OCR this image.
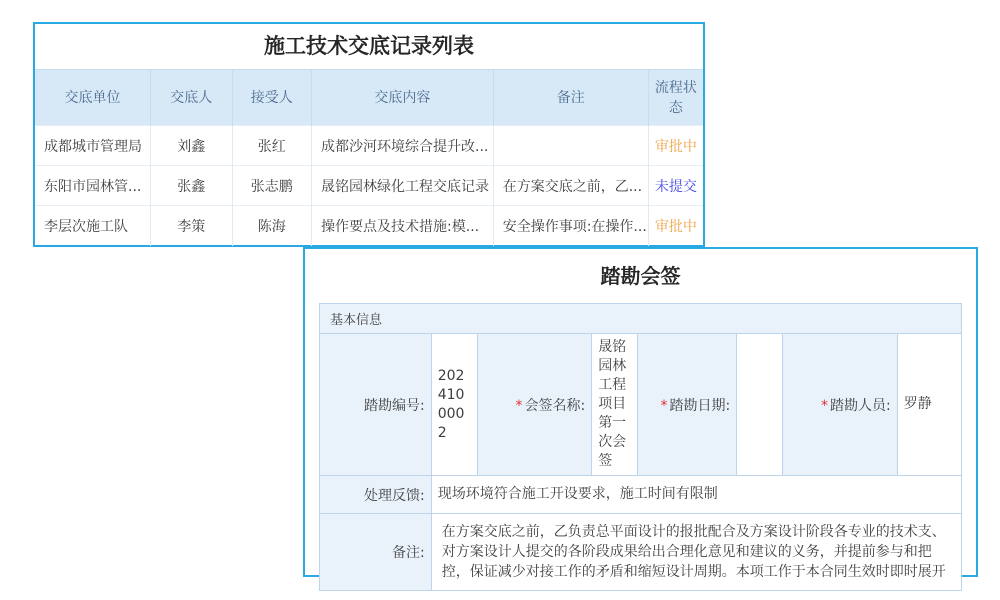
施工技术交底记录列表
交底单位	交底人	接受人	交底内容	备注	流程状态
成都城市管理局	刘鑫	张红	成都沙河环境综合提升改...		审批中
东阳市园林管...	张鑫	张志鹏	晟铭园林绿化工程交底记录	在方案交底之前，乙...	未提交
李层次施工队	李策	陈海	操作要点及技术措施:模...	安全操作事项:在操作...	审批中
踏勘会签
基本信息							
踏勘编号:	2024100002	* 会签名称:	晟铭园林工程项目第一次会签	* 踏勘日期:		* 踏勘人员:	罗静
处理反馈:	现场环境符合施工开设要求，施工时间有限制						
备注:	在方案交底之前，乙负责总平面设计的报批配合及方案设计阶段各专业的技术支、对方案设计人提交的各阶段成果给出合理化意见和建议的义务，并提前参与和把控，保证减少对接工作的矛盾和缩短设计周期。本项工作于本合同生效时即时展开						
